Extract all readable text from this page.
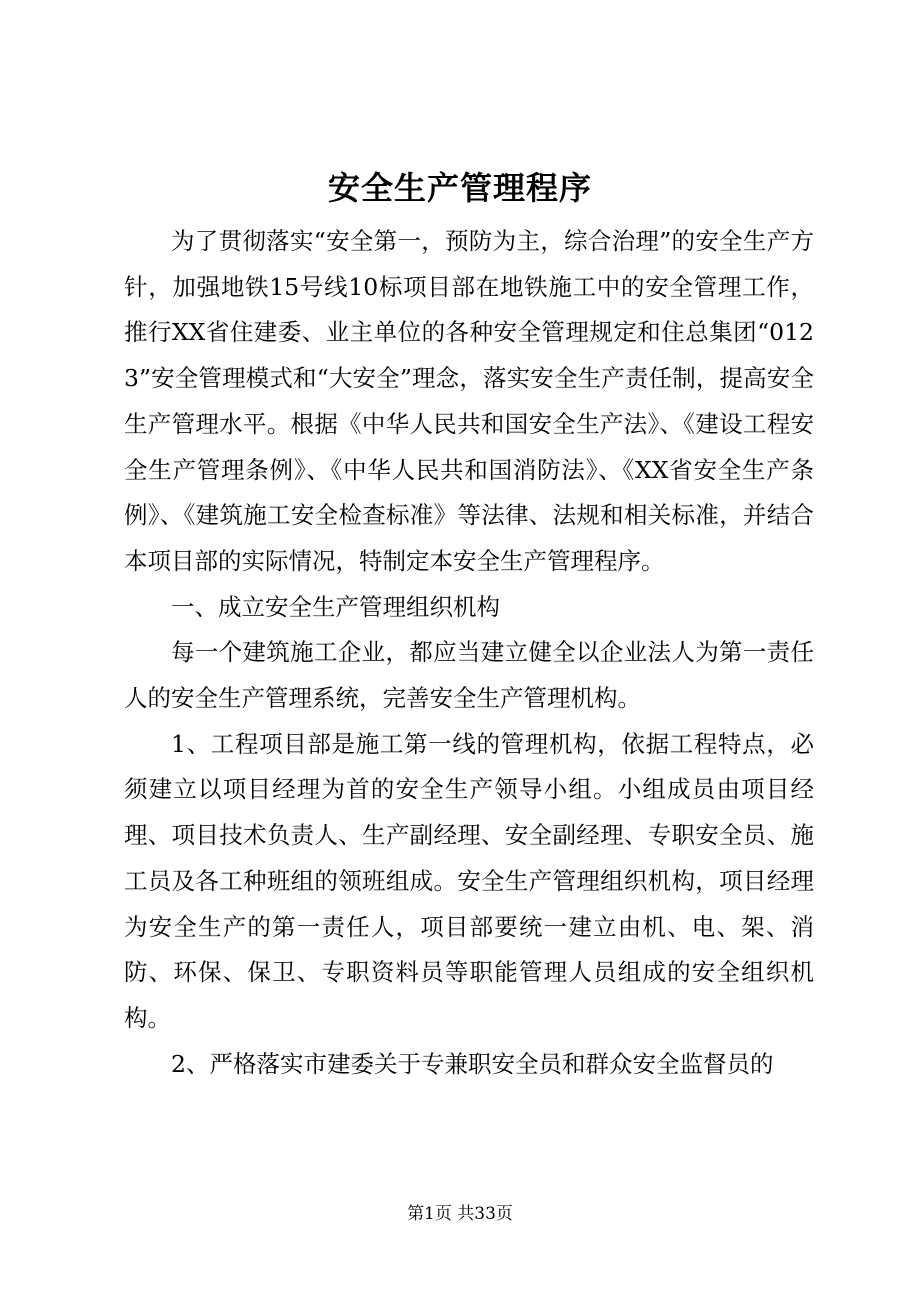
安全生产管理程序

为了贯彻落实“安全第一，预防为主，综合治理”的安全生产方针，加强地铁15号线10标项目部在地铁施工中的安全管理工作，推行XX省住建委、业主单位的各种安全管理规定和住总集团“0123”安全管理模式和“大安全”理念，落实安全生产责任制，提高安全生产管理水平。根据《中华人民共和国安全生产法》、《建设工程安全生产管理条例》、《中华人民共和国消防法》、《XX省安全生产条例》、《建筑施工安全检查标准》等法律、法规和相关标准，并结合本项目部的实际情况，特制定本安全生产管理程序。

一、成立安全生产管理组织机构

每一个建筑施工企业，都应当建立健全以企业法人为第一责任人的安全生产管理系统，完善安全生产管理机构。

1、工程项目部是施工第一线的管理机构，依据工程特点，必须建立以项目经理为首的安全生产领导小组。小组成员由项目经理、项目技术负责人、生产副经理、安全副经理、专职安全员、施工员及各工种班组的领班组成。安全生产管理组织机构，项目经理为安全生产的第一责任人，项目部要统一建立由机、电、架、消防、环保、保卫、专职资料员等职能管理人员组成的安全组织机构。

2、严格落实市建委关于专兼职安全员和群众安全监督员的

第1页 共33页
